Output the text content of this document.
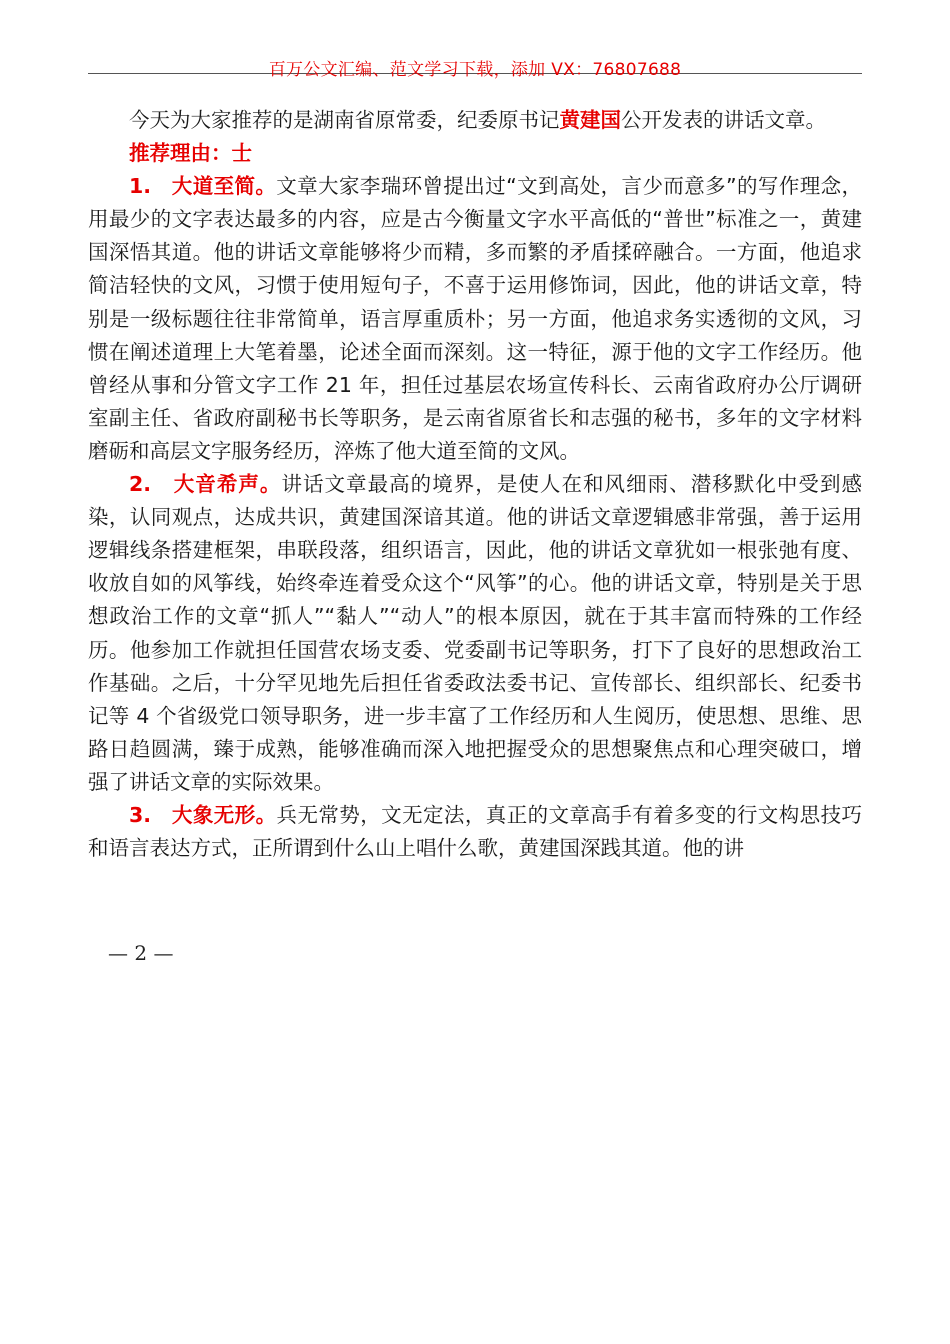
百万公文汇编、范文学习下载，添加 VX：76807688

今天为大家推荐的是湖南省原常委，纪委原书记黄建国公开发表的讲话文章。

推荐理由：士

1. 大道至简。文章大家李瑞环曾提出过“文到高处，言少而意多”的写作理念，用最少的文字表达最多的内容，应是古今衡量文字水平高低的“普世”标准之一，黄建国深悟其道。他的讲话文章能够将少而精，多而繁的矛盾揉碎融合。一方面，他追求简洁轻快的文风，习惯于使用短句子，不喜于运用修饰词，因此，他的讲话文章，特别是一级标题往往非常简单，语言厚重质朴；另一方面，他追求务实透彻的文风，习惯在阐述道理上大笔着墨，论述全面而深刻。这一特征，源于他的文字工作经历。他曾经从事和分管文字工作 21 年，担任过基层农场宣传科长、云南省政府办公厅调研室副主任、省政府副秘书长等职务，是云南省原省长和志强的秘书，多年的文字材料磨砺和高层文字服务经历，淬炼了他大道至简的文风。

2. 大音希声。讲话文章最高的境界，是使人在和风细雨、潜移默化中受到感染，认同观点，达成共识，黄建国深谙其道。他的讲话文章逻辑感非常强，善于运用逻辑线条搭建框架，串联段落，组织语言，因此，他的讲话文章犹如一根张弛有度、收放自如的风筝线，始终牵连着受众这个“风筝”的心。他的讲话文章，特别是关于思想政治工作的文章“抓人”“黏人”“动人”的根本原因，就在于其丰富而特殊的工作经历。他参加工作就担任国营农场支委、党委副书记等职务，打下了良好的思想政治工作基础。之后，十分罕见地先后担任省委政法委书记、宣传部长、组织部长、纪委书记等 4 个省级党口领导职务，进一步丰富了工作经历和人生阅历，使思想、思维、思路日趋圆满，臻于成熟，能够准确而深入地把握受众的思想聚焦点和心理突破口，增强了讲话文章的实际效果。

3. 大象无形。兵无常势，文无定法，真正的文章高手有着多变的行文构思技巧和语言表达方式，正所谓到什么山上唱什么歌，黄建国深践其道。他的讲

— 2 —
